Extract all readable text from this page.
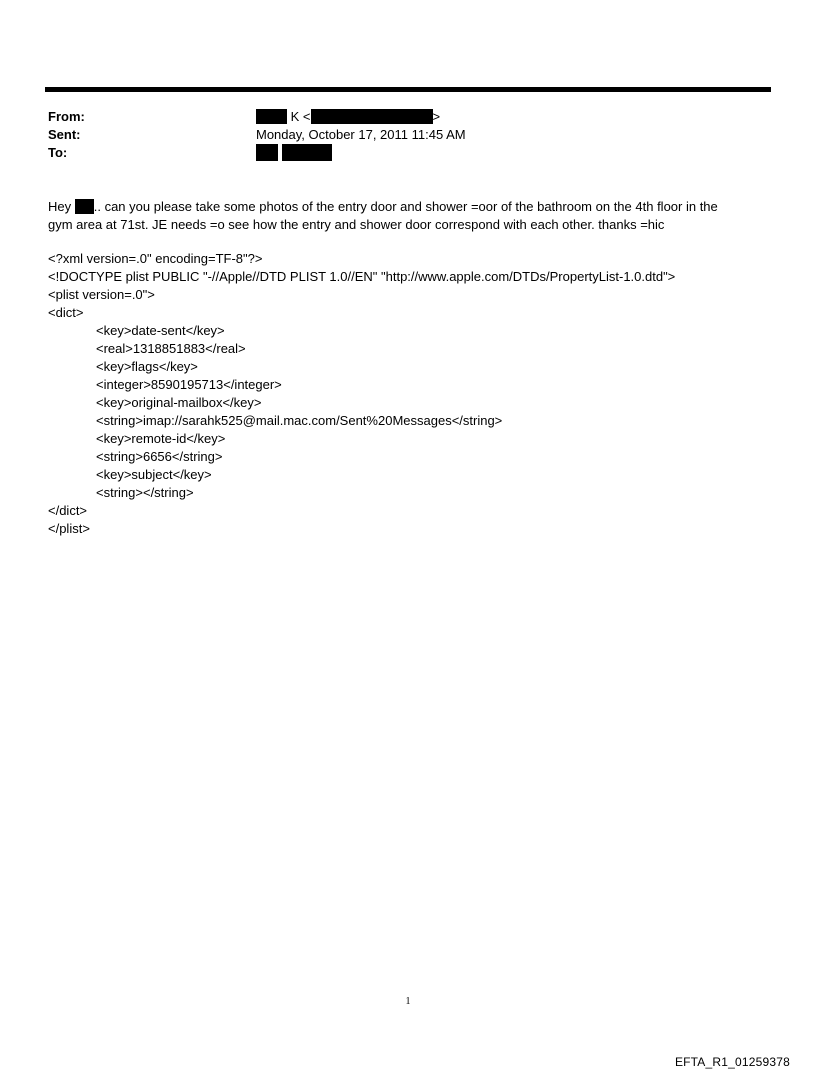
From:	K <	>
Sent:	Monday, October 17, 2011 11:45 AM
To:

Hey .. can you please take some photos of the entry door and shower =oor of the bathroom on the 4th floor in the
gym area at 71st. JE needs =o see how the entry and shower door correspond with each other. thanks =hic
<?xml version=.0" encoding=TF-8"?>
<!DOCTYPE plist PUBLIC "-//Apple//DTD PLIST 1.0//EN" "http://www.apple.com/DTDs/PropertyList-1.0.dtd">
<plist version=.0">
<dict>
<key>date-sent</key>
<real>1318851883</real>
<key>flags</key>
<integer>8590195713</integer>
<key>original-mailbox</key>
<string>imap://sarahk525@mail.mac.com/Sent%20Messages</string>
<key>remote-id</key>
<string>6656</string>
<key>subject</key>
<string></string>
</dict>
</plist>
1
EFTA_R1_01259378
